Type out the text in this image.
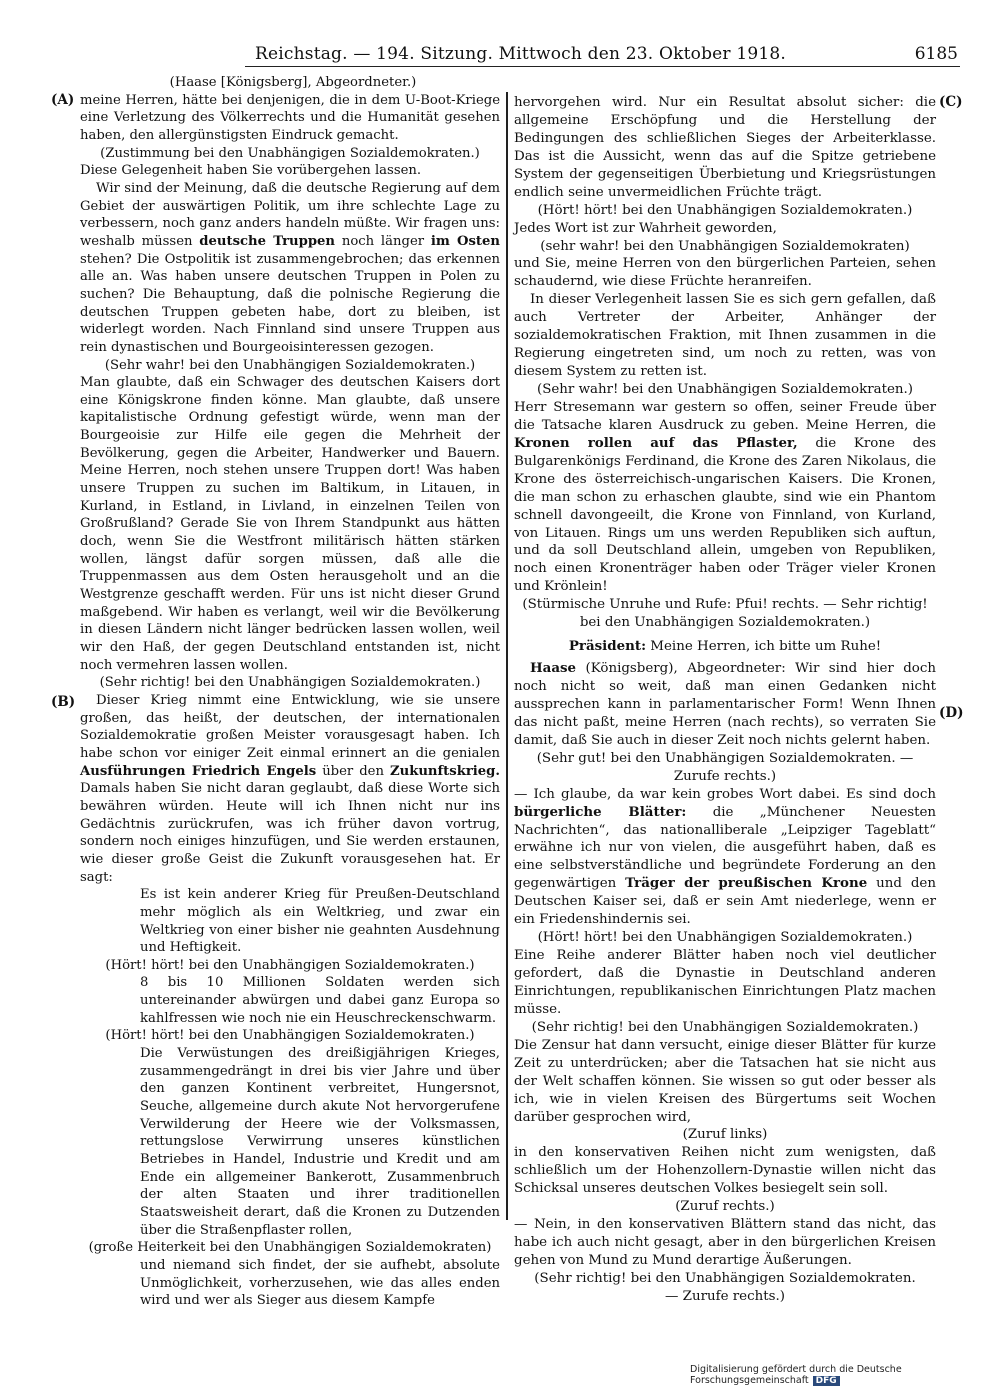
Reichstag. — 194. Sitzung. Mittwoch den 23. Oktober 1918.	6185
(A)
(B)
(C)
(D)

(Haase [Königsberg], Abgeordneter.)

meine Herren, hätte bei denjenigen, die in dem U-Boot-Kriege eine Verletzung des Völkerrechts und die Humanität gesehen haben, den allergünstigsten Eindruck gemacht.

(Zustimmung bei den Unabhängigen Sozialdemokraten.)

Diese Gelegenheit haben Sie vorübergehen lassen.

Wir sind der Meinung, daß die deutsche Regierung auf dem Gebiet der auswärtigen Politik, um ihre schlechte Lage zu verbessern, noch ganz anders handeln müßte. Wir fragen uns: weshalb müssen deutsche Truppen noch länger im Osten stehen? Die Ostpolitik ist zusammengebrochen; das erkennen alle an. Was haben unsere deutschen Truppen in Polen zu suchen? Die Behauptung, daß die polnische Regierung die deutschen Truppen gebeten habe, dort zu bleiben, ist widerlegt worden. Nach Finnland sind unsere Truppen aus rein dynastischen und Bourgeoisinteressen gezogen.

(Sehr wahr! bei den Unabhängigen Sozialdemokraten.)

Man glaubte, daß ein Schwager des deutschen Kaisers dort eine Königskrone finden könne. Man glaubte, daß unsere kapitalistische Ordnung gefestigt würde, wenn man der Bourgeoisie zur Hilfe eile gegen die Mehrheit der Bevölkerung, gegen die Arbeiter, Handwerker und Bauern. Meine Herren, noch stehen unsere Truppen dort! Was haben unsere Truppen zu suchen im Baltikum, in Litauen, in Kurland, in Estland, in Livland, in einzelnen Teilen von Großrußland? Gerade Sie von Ihrem Standpunkt aus hätten doch, wenn Sie die Westfront militärisch hätten stärken wollen, längst dafür sorgen müssen, daß alle die Truppenmassen aus dem Osten herausgeholt und an die Westgrenze geschafft werden. Für uns ist nicht dieser Grund maßgebend. Wir haben es verlangt, weil wir die Bevölkerung in diesen Ländern nicht länger bedrücken lassen wollen, weil wir den Haß, der gegen Deutschland entstanden ist, nicht noch vermehren lassen wollen.

(Sehr richtig! bei den Unabhängigen Sozialdemokraten.)

Dieser Krieg nimmt eine Entwicklung, wie sie unsere großen, das heißt, der deutschen, der internationalen Sozialdemokratie großen Meister vorausgesagt haben. Ich habe schon vor einiger Zeit einmal erinnert an die genialen Ausführungen Friedrich Engels über den Zukunftskrieg. Damals haben Sie nicht daran geglaubt, daß diese Worte sich bewähren würden. Heute will ich Ihnen nicht nur ins Gedächtnis zurückrufen, was ich früher davon vortrug, sondern noch einiges hinzufügen, und Sie werden erstaunen, wie dieser große Geist die Zukunft vorausgesehen hat. Er sagt:

Es ist kein anderer Krieg für Preußen-Deutschland mehr möglich als ein Weltkrieg, und zwar ein Weltkrieg von einer bisher nie geahnten Ausdehnung und Heftigkeit.

(Hört! hört! bei den Unabhängigen Sozialdemokraten.)

8 bis 10 Millionen Soldaten werden sich untereinander abwürgen und dabei ganz Europa so kahlfressen wie noch nie ein Heuschreckenschwarm.

(Hört! hört! bei den Unabhängigen Sozialdemokraten.)

Die Verwüstungen des dreißigjährigen Krieges, zusammengedrängt in drei bis vier Jahre und über den ganzen Kontinent verbreitet, Hungersnot, Seuche, allgemeine durch akute Not hervorgerufene Verwilderung der Heere wie der Volksmassen, rettungslose Verwirrung unseres künstlichen Betriebes in Handel, Industrie und Kredit und am Ende ein allgemeiner Bankerott, Zusammenbruch der alten Staaten und ihrer traditionellen Staatsweisheit derart, daß die Kronen zu Dutzenden über die Straßenpflaster rollen,

(große Heiterkeit bei den Unabhängigen Sozialdemokraten)

und niemand sich findet, der sie aufhebt, absolute Unmöglichkeit, vorherzusehen, wie das alles enden wird und wer als Sieger aus diesem Kampfe

hervorgehen wird. Nur ein Resultat absolut sicher: die allgemeine Erschöpfung und die Herstellung der Bedingungen des schließlichen Sieges der Arbeiterklasse. Das ist die Aussicht, wenn das auf die Spitze getriebene System der gegenseitigen Überbietung und Kriegsrüstungen endlich seine unvermeidlichen Früchte trägt.

(Hört! hört! bei den Unabhängigen Sozialdemokraten.)

Jedes Wort ist zur Wahrheit geworden,

(sehr wahr! bei den Unabhängigen Sozialdemokraten)

und Sie, meine Herren von den bürgerlichen Parteien, sehen schaudernd, wie diese Früchte heranreifen.

In dieser Verlegenheit lassen Sie es sich gern gefallen, daß auch Vertreter der Arbeiter, Anhänger der sozialdemokratischen Fraktion, mit Ihnen zusammen in die Regierung eingetreten sind, um noch zu retten, was von diesem System zu retten ist.

(Sehr wahr! bei den Unabhängigen Sozialdemokraten.)

Herr Stresemann war gestern so offen, seiner Freude über die Tatsache klaren Ausdruck zu geben. Meine Herren, die Kronen rollen auf das Pflaster, die Krone des Bulgarenkönigs Ferdinand, die Krone des Zaren Nikolaus, die Krone des österreichisch-ungarischen Kaisers. Die Kronen, die man schon zu erhaschen glaubte, sind wie ein Phantom schnell davongeeilt, die Krone von Finnland, von Kurland, von Litauen. Rings um uns werden Republiken sich auftun, und da soll Deutschland allein, umgeben von Republiken, noch einen Kronenträger haben oder Träger vieler Kronen und Krönlein!

(Stürmische Unruhe und Rufe: Pfui! rechts. — Sehr richtig! bei den Unabhängigen Sozialdemokraten.)

Präsident: Meine Herren, ich bitte um Ruhe!

Haase (Königsberg), Abgeordneter: Wir sind hier doch noch nicht so weit, daß man einen Gedanken nicht aussprechen kann in parlamentarischer Form! Wenn Ihnen das nicht paßt, meine Herren (nach rechts), so verraten Sie damit, daß Sie auch in dieser Zeit noch nichts gelernt haben.

(Sehr gut! bei den Unabhängigen Sozialdemokraten. — Zurufe rechts.)

— Ich glaube, da war kein grobes Wort dabei. Es sind doch bürgerliche Blätter: die „Münchener Neuesten Nachrichten“, das nationalliberale „Leipziger Tageblatt“ erwähne ich nur von vielen, die ausgeführt haben, daß es eine selbstverständliche und begründete Forderung an den gegenwärtigen Träger der preußischen Krone und den Deutschen Kaiser sei, daß er sein Amt niederlege, wenn er ein Friedenshindernis sei.

(Hört! hört! bei den Unabhängigen Sozialdemokraten.)

Eine Reihe anderer Blätter haben noch viel deutlicher gefordert, daß die Dynastie in Deutschland anderen Einrichtungen, republikanischen Einrichtungen Platz machen müsse.

(Sehr richtig! bei den Unabhängigen Sozialdemokraten.)

Die Zensur hat dann versucht, einige dieser Blätter für kurze Zeit zu unterdrücken; aber die Tatsachen hat sie nicht aus der Welt schaffen können. Sie wissen so gut oder besser als ich, wie in vielen Kreisen des Bürgertums seit Wochen darüber gesprochen wird,

(Zuruf links)

in den konservativen Reihen nicht zum wenigsten, daß schließlich um der Hohenzollern-Dynastie willen nicht das Schicksal unseres deutschen Volkes besiegelt sein soll.

(Zuruf rechts.)

— Nein, in den konservativen Blättern stand das nicht, das habe ich auch nicht gesagt, aber in den bürgerlichen Kreisen gehen von Mund zu Mund derartige Äußerungen.

(Sehr richtig! bei den Unabhängigen Sozialdemokraten.

— Zurufe rechts.)

Digitalisierung gefördert durch die Deutsche Forschungsgemeinschaft DFG
